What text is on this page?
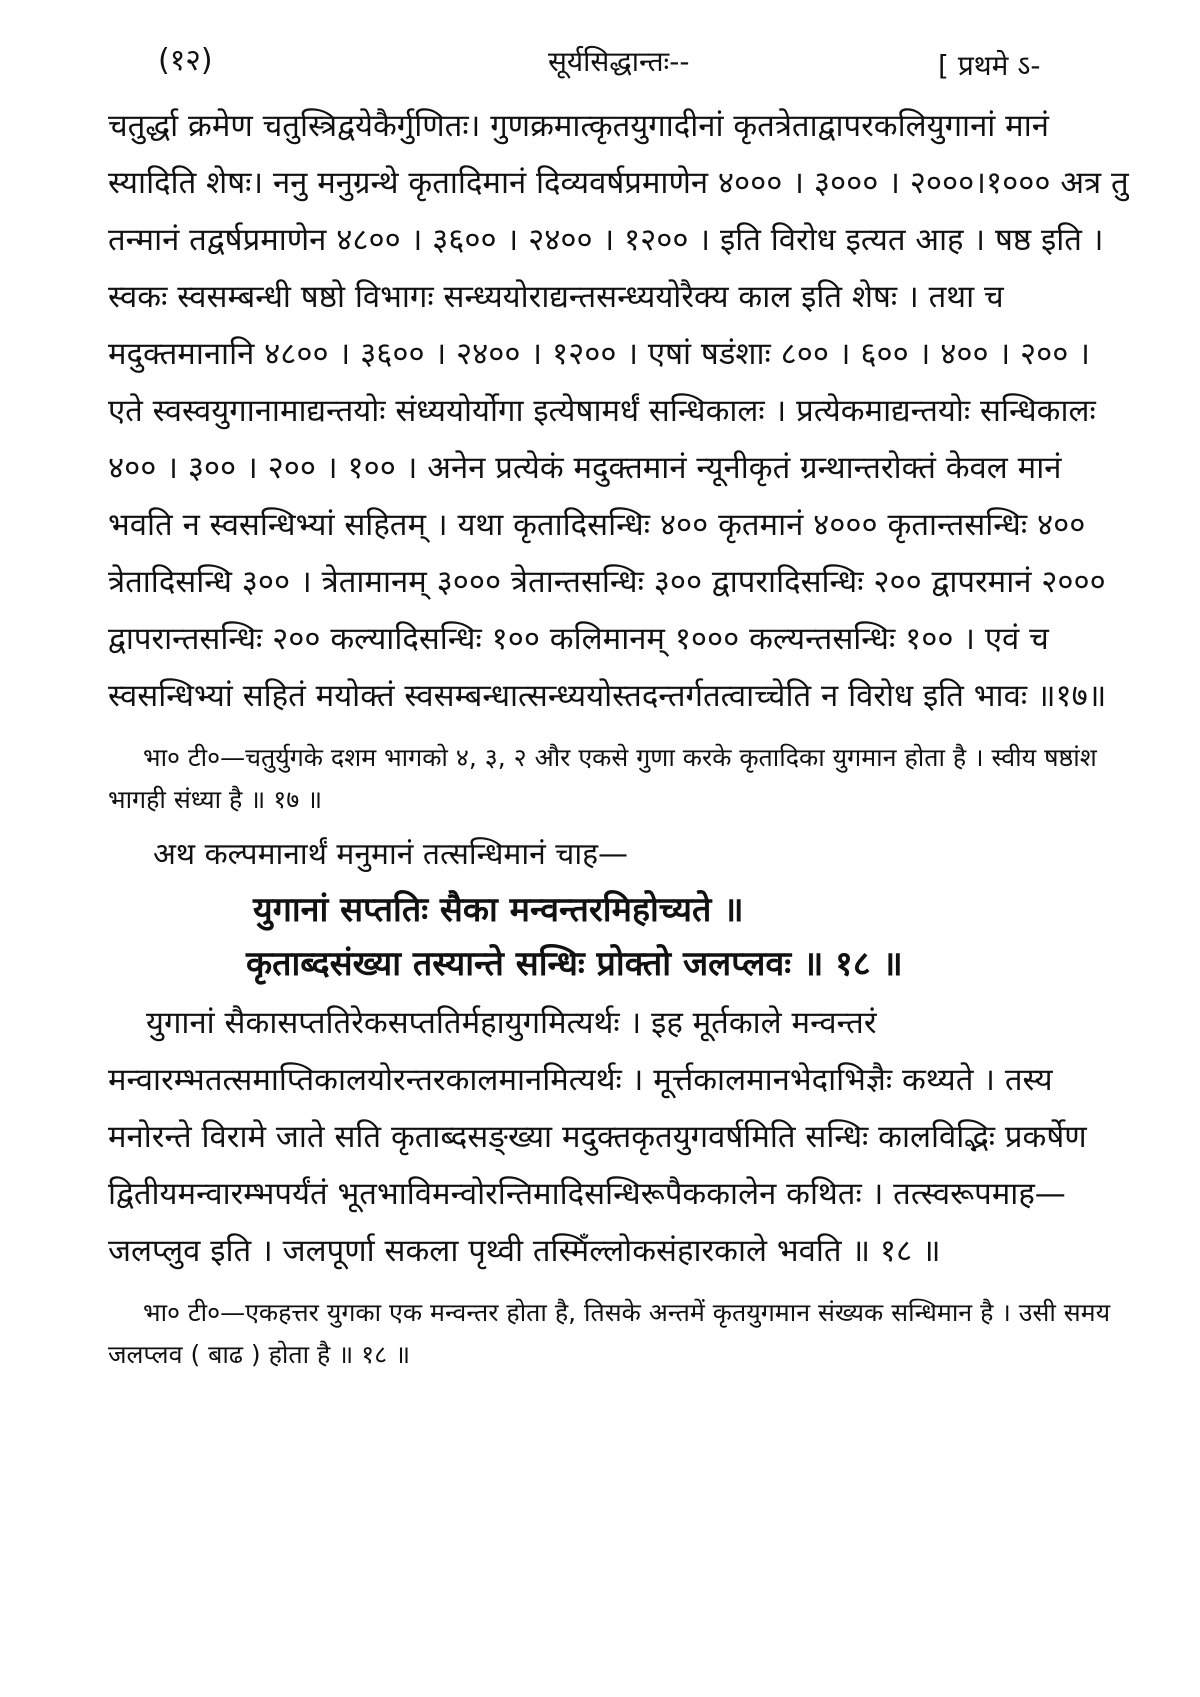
(१२)	सूर्यसिद्धान्तः--	[ प्रथमे ऽ-

चतुर्द्धा क्रमेण चतुस्त्रिद्वयेकैर्गुणितः। गुणक्रमात्कृतयुगादीनां कृतत्रेताद्वापरकलियुगानां मानं स्यादिति शेषः। ननु मनुग्रन्थे कृतादिमानं दिव्यवर्षप्रमाणेन ४००० । ३००० । २०००।१००० अत्र तु तन्मानं तद्वर्षप्रमाणेन ४८०० । ३६०० । २४०० । १२०० । इति विरोध इत्यत आह । षष्ठ इति । स्वकः स्वसम्बन्धी षष्ठो विभागः सन्ध्ययोराद्यन्तसन्ध्ययोरैक्य काल इति शेषः । तथा च मदुक्तमानानि ४८०० । ३६०० । २४०० । १२०० । एषां षडंशाः ८०० । ६०० । ४०० । २०० । एते स्वस्वयुगानामाद्यन्तयोः संध्ययोर्योगा इत्येषामर्धं सन्धिकालः । प्रत्येकमाद्यन्तयोः सन्धिकालः ४०० । ३०० । २०० । १०० । अनेन प्रत्येकं मदुक्तमानं न्यूनीकृतं ग्रन्थान्तरोक्तं केवल मानं भवति न स्वसन्धिभ्यां सहितम् । यथा कृतादिसन्धिः ४०० कृतमानं ४००० कृतान्तसन्धिः ४०० त्रेतादिसन्धि ३०० । त्रेतामानम् ३००० त्रेतान्तसन्धिः ३०० द्वापरादिसन्धिः २०० द्वापरमानं २००० द्वापरान्तसन्धिः २०० कल्यादिसन्धिः १०० कलिमानम् १००० कल्यन्तसन्धिः १०० । एवं च स्वसन्धिभ्यां सहितं मयोक्तं स्वसम्बन्धात्सन्ध्ययोस्तदन्तर्गतत्वाच्चेति न विरोध इति भावः ॥१७॥

भा० टी०—चतुर्युगके दशम भागको ४, ३, २ और एकसे गुणा करके कृतादिका युगमान होता है । स्वीय षष्ठांश भागही संध्या है ॥ १७ ॥

अथ कल्पमानार्थं मनुमानं तत्सन्धिमानं चाह—

युगानां सप्ततिः सैका मन्वन्तरमिहोच्यते ॥

कृताब्दसंख्या तस्यान्ते सन्धिः प्रोक्तो जलप्लवः ॥ १८ ॥

युगानां सैकासप्ततिरेकसप्ततिर्महायुगमित्यर्थः । इह मूर्तकाले मन्वन्तरं मन्वारम्भतत्समाप्तिकालयोरन्तरकालमानमित्यर्थः । मूर्त्तकालमानभेदाभिज्ञैः कथ्यते । तस्य मनोरन्ते विरामे जाते सति कृताब्दसङ्ख्या मदुक्तकृतयुगवर्षमिति सन्धिः कालविद्भिः प्रकर्षेण द्वितीयमन्वारम्भपर्यंतं भूतभाविमन्वोरन्तिमादिसन्धिरूपैककालेन कथितः । तत्स्वरूपमाह—जलप्लुव इति । जलपूर्णा सकला पृथ्वी तस्मिँल्लोकसंहारकाले भवति ॥ १८ ॥

भा० टी०—एकहत्तर युगका एक मन्वन्तर होता है, तिसके अन्तमें कृतयुगमान संख्यक सन्धिमान है । उसी समय जलप्लव ( बाढ ) होता है ॥ १८ ॥
